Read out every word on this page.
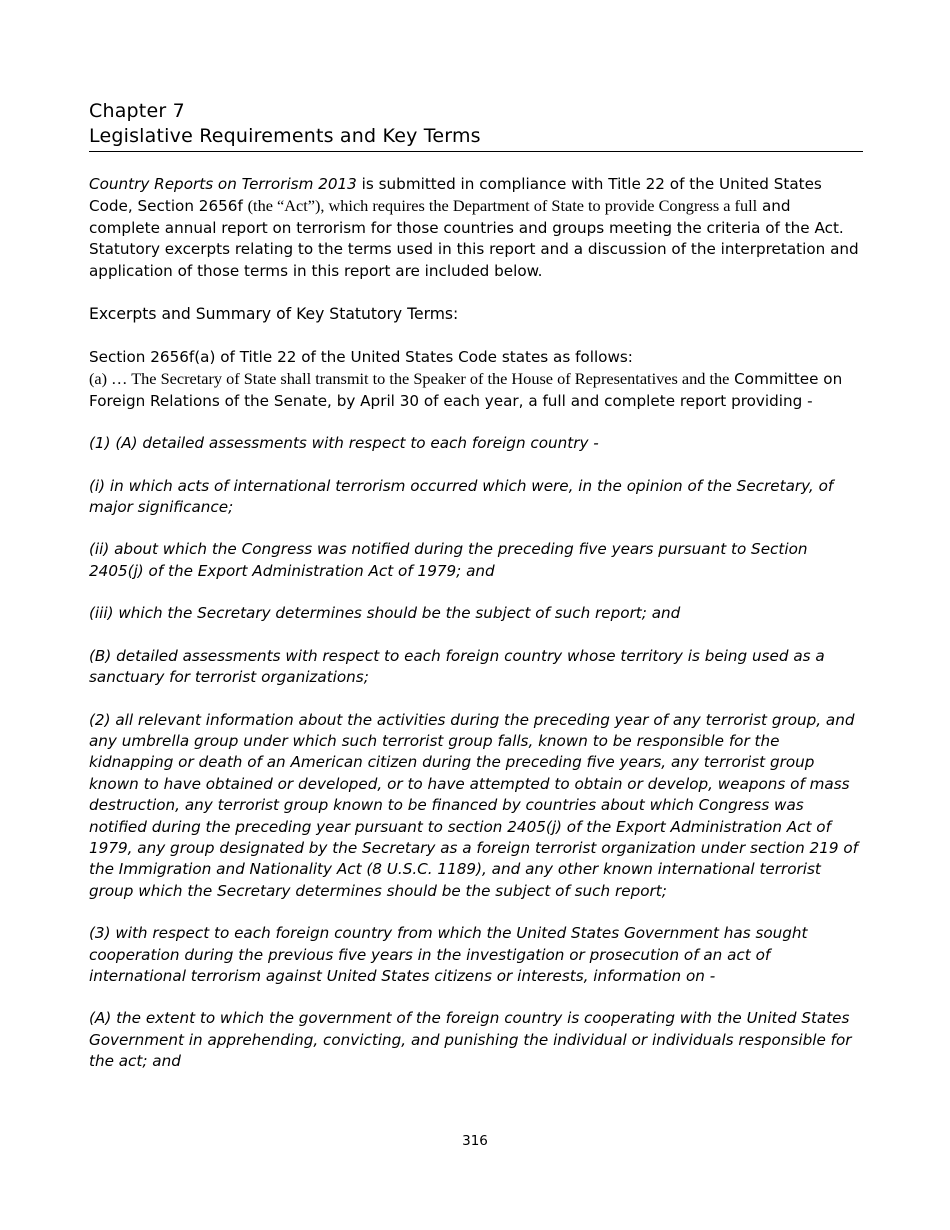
Chapter 7
Legislative Requirements and Key Terms

Country Reports on Terrorism 2013 is submitted in compliance with Title 22 of the United States Code, Section 2656f (the “Act”), which requires the Department of State to provide Congress a full and complete annual report on terrorism for those countries and groups meeting the criteria of the Act. Statutory excerpts relating to the terms used in this report and a discussion of the interpretation and application of those terms in this report are included below.

Excerpts and Summary of Key Statutory Terms:

Section 2656f(a) of Title 22 of the United States Code states as follows:
(a) … The Secretary of State shall transmit to the Speaker of the House of Representatives and the Committee on Foreign Relations of the Senate, by April 30 of each year, a full and complete report providing -

(1) (A) detailed assessments with respect to each foreign country -

(i) in which acts of international terrorism occurred which were, in the opinion of the Secretary, of major significance;

(ii) about which the Congress was notified during the preceding five years pursuant to Section 2405(j) of the Export Administration Act of 1979; and

(iii) which the Secretary determines should be the subject of such report; and

(B) detailed assessments with respect to each foreign country whose territory is being used as a sanctuary for terrorist organizations;

(2) all relevant information about the activities during the preceding year of any terrorist group, and any umbrella group under which such terrorist group falls, known to be responsible for the kidnapping or death of an American citizen during the preceding five years, any terrorist group known to have obtained or developed, or to have attempted to obtain or develop, weapons of mass destruction, any terrorist group known to be financed by countries about which Congress was notified during the preceding year pursuant to section 2405(j) of the Export Administration Act of 1979, any group designated by the Secretary as a foreign terrorist organization under section 219 of the Immigration and Nationality Act (8 U.S.C. 1189), and any other known international terrorist group which the Secretary determines should be the subject of such report;

(3) with respect to each foreign country from which the United States Government has sought cooperation during the previous five years in the investigation or prosecution of an act of international terrorism against United States citizens or interests, information on -

(A) the extent to which the government of the foreign country is cooperating with the United States Government in apprehending, convicting, and punishing the individual or individuals responsible for the act; and

316
